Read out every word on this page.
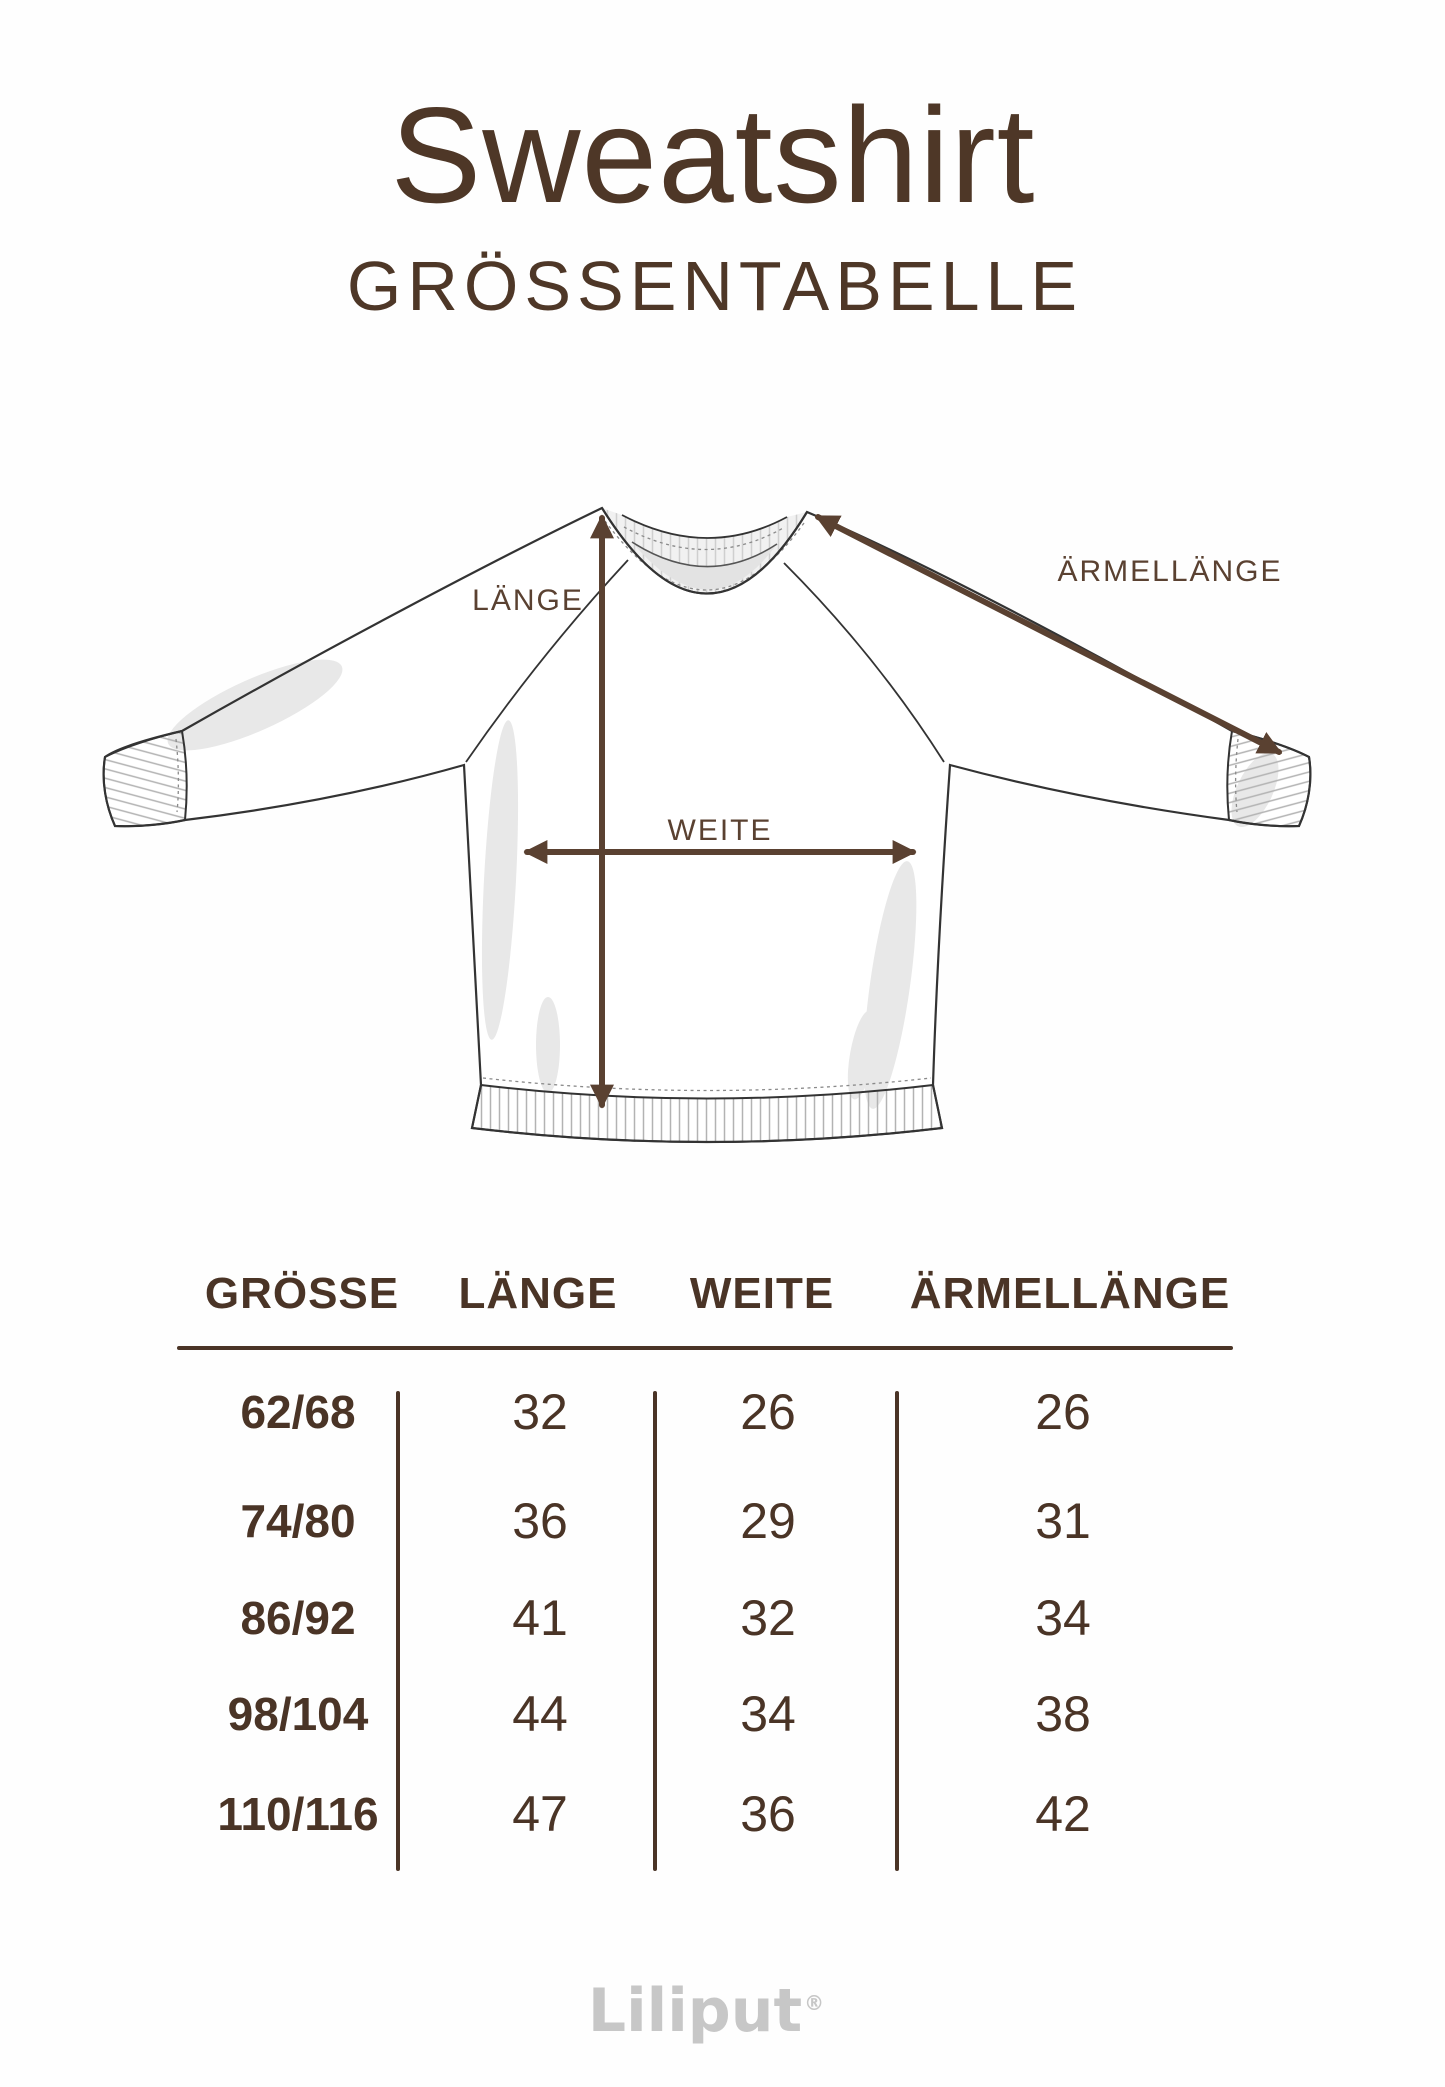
Sweatshirt
GRÖSSENTABELLE
LÄNGE
ÄRMELLÄNGE
WEITE
GRÖSSE LÄNGE WEITE ÄRMELLÄNGE
62/68	32	26	26
74/80	36	29	31
86/92	41	32	34
98/104	44	34	38
110/116	47	36	42
Liliput ®
